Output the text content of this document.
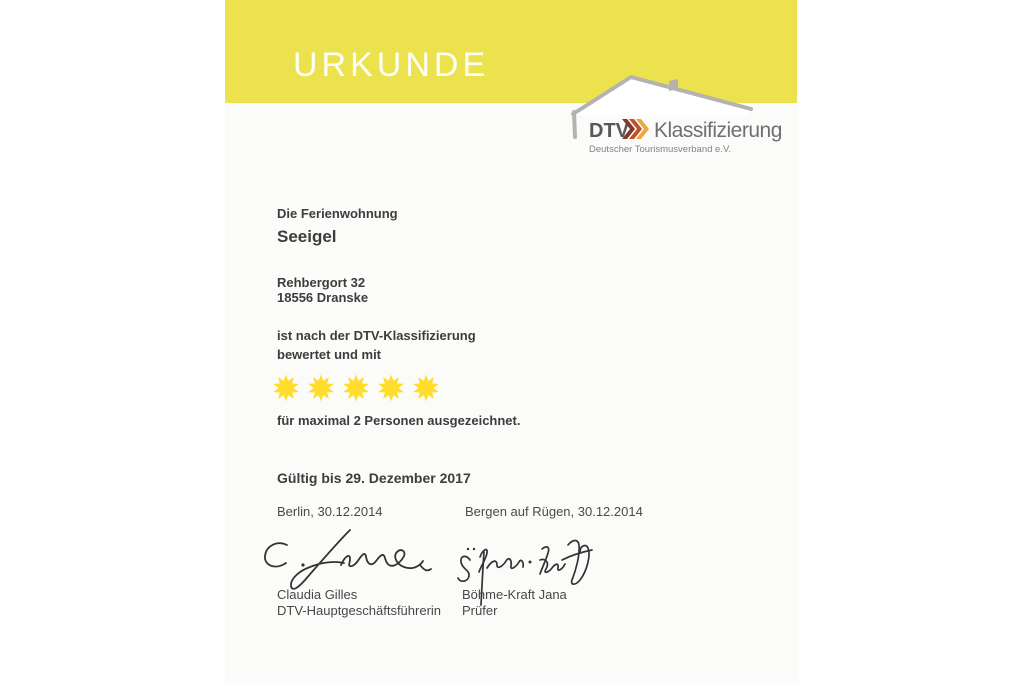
URKUNDE
DTV Klassifizierung
Deutscher Tourismusverband e.V.
Die Ferienwohnung
Seeigel
Rehbergort 32
18556 Dranske
ist nach der DTV-Klassifizierung
bewertet und mit
für maximal 2 Personen ausgezeichnet.
Gültig bis 29. Dezember 2017
Berlin, 30.12.2014	Bergen auf Rügen, 30.12.2014
Claudia Gilles
DTV-Hauptgeschäftsführerin
Böhme-Kraft Jana
Prüfer
